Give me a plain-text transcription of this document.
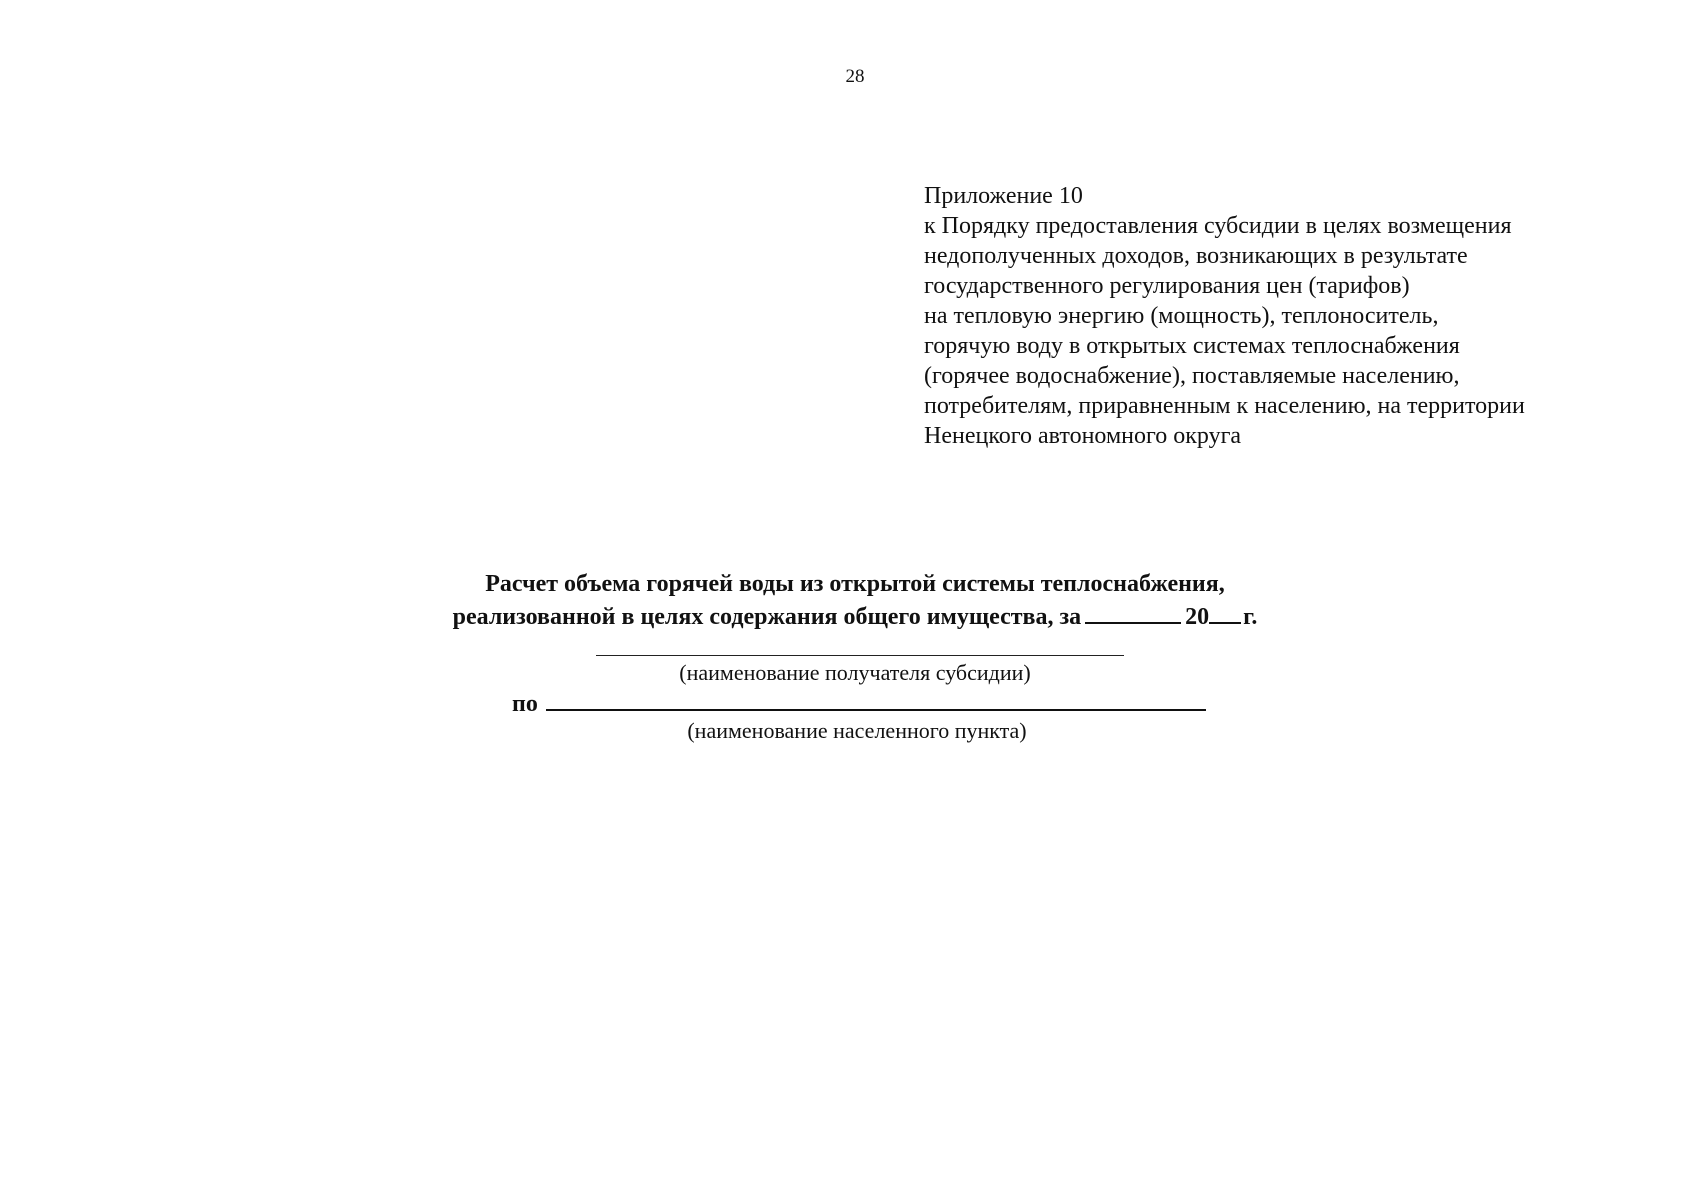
28
Приложение 10
к Порядку предоставления субсидии в целях возмещения
недополученных доходов, возникающих в результате
государственного регулирования цен (тарифов)
на тепловую энергию (мощность), теплоноситель,
горячую воду в открытых системах теплоснабжения
(горячее водоснабжение), поставляемые населению,
потребителям, приравненным к населению, на территории
Ненецкого автономного округа
Расчет объема горячей воды из открытой системы теплоснабжения,
реализованной в целях содержания общего имущества, за	20 г.
(наименование получателя субсидии)
по
(наименование населенного пункта)
